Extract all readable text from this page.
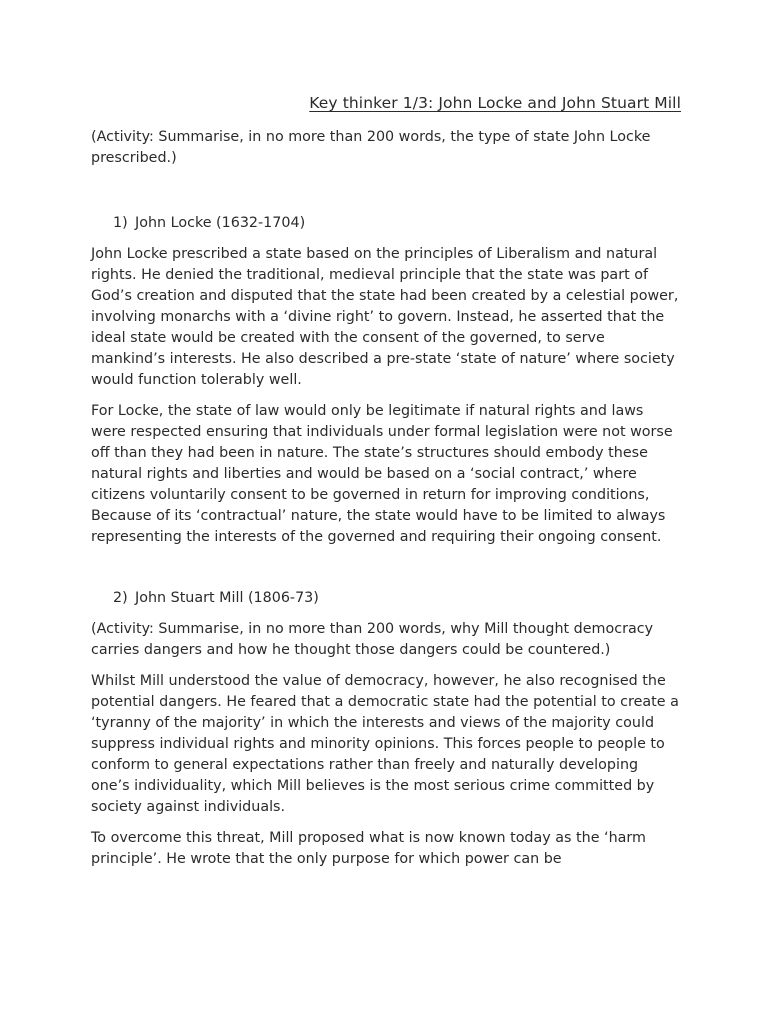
Key thinker 1/3: John Locke and John Stuart Mill

(Activity: Summarise, in no more than 200 words, the type of state John Locke prescribed.)

1) John Locke (1632-1704)

John Locke prescribed a state based on the principles of Liberalism and natural rights. He denied the traditional, medieval principle that the state was part of God’s creation and disputed that the state had been created by a celestial power, involving monarchs with a ‘divine right’ to govern. Instead, he asserted that the ideal state would be created with the consent of the governed, to serve mankind’s interests. He also described a pre-state ‘state of nature’ where society would function tolerably well.

For Locke, the state of law would only be legitimate if natural rights and laws were respected ensuring that individuals under formal legislation were not worse off than they had been in nature. The state’s structures should embody these natural rights and liberties and would be based on a ‘social contract,’ where citizens voluntarily consent to be governed in return for improving conditions, Because of its ‘contractual’ nature, the state would have to be limited to always representing the interests of the governed and requiring their ongoing consent.

2) John Stuart Mill (1806-73)

(Activity: Summarise, in no more than 200 words, why Mill thought democracy carries dangers and how he thought those dangers could be countered.)

Whilst Mill understood the value of democracy, however, he also recognised the potential dangers. He feared that a democratic state had the potential to create a ‘tyranny of the majority’ in which the interests and views of the majority could suppress individual rights and minority opinions. This forces people to people to conform to general expectations rather than freely and naturally developing one’s individuality, which Mill believes is the most serious crime committed by society against individuals.

To overcome this threat, Mill proposed what is now known today as the ‘harm principle’. He wrote that the only purpose for which power can be
